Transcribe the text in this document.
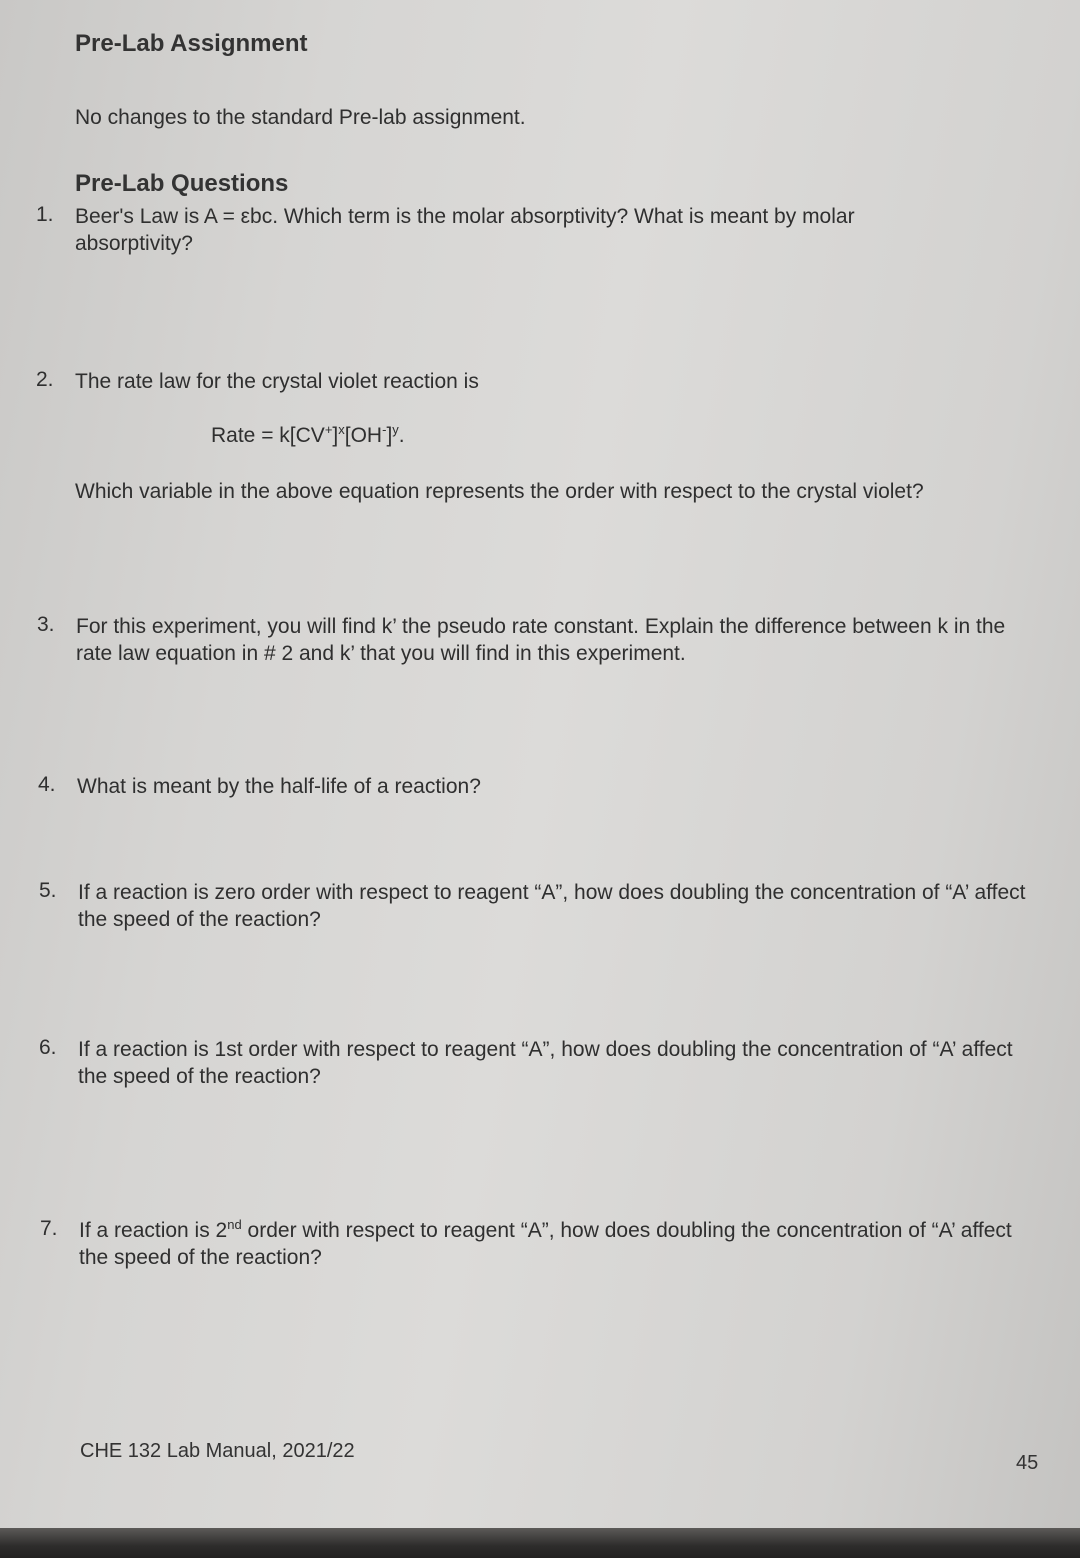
Pre-Lab Assignment
No changes to the standard Pre-lab assignment.
Pre-Lab Questions
1. Beer's Law is A = εbc. Which term is the molar absorptivity? What is meant by molar absorptivity?
2. The rate law for the crystal violet reaction is
Rate = $k[CV^+]^x[OH^-]^y$.
Which variable in the above equation represents the order with respect to the crystal violet?
3. For this experiment, you will find k’ the pseudo rate constant. Explain the difference between k in the rate law equation in # 2 and k’ that you will find in this experiment.
4. What is meant by the half-life of a reaction?
5. If a reaction is zero order with respect to reagent “A”, how does doubling the concentration of “A’ affect the speed of the reaction?
6. If a reaction is 1st order with respect to reagent “A”, how does doubling the concentration of “A’ affect the speed of the reaction?
7. If a reaction is 2nd order with respect to reagent “A”, how does doubling the concentration of “A’ affect the speed of the reaction?
CHE 132 Lab Manual, 2021/22
45
